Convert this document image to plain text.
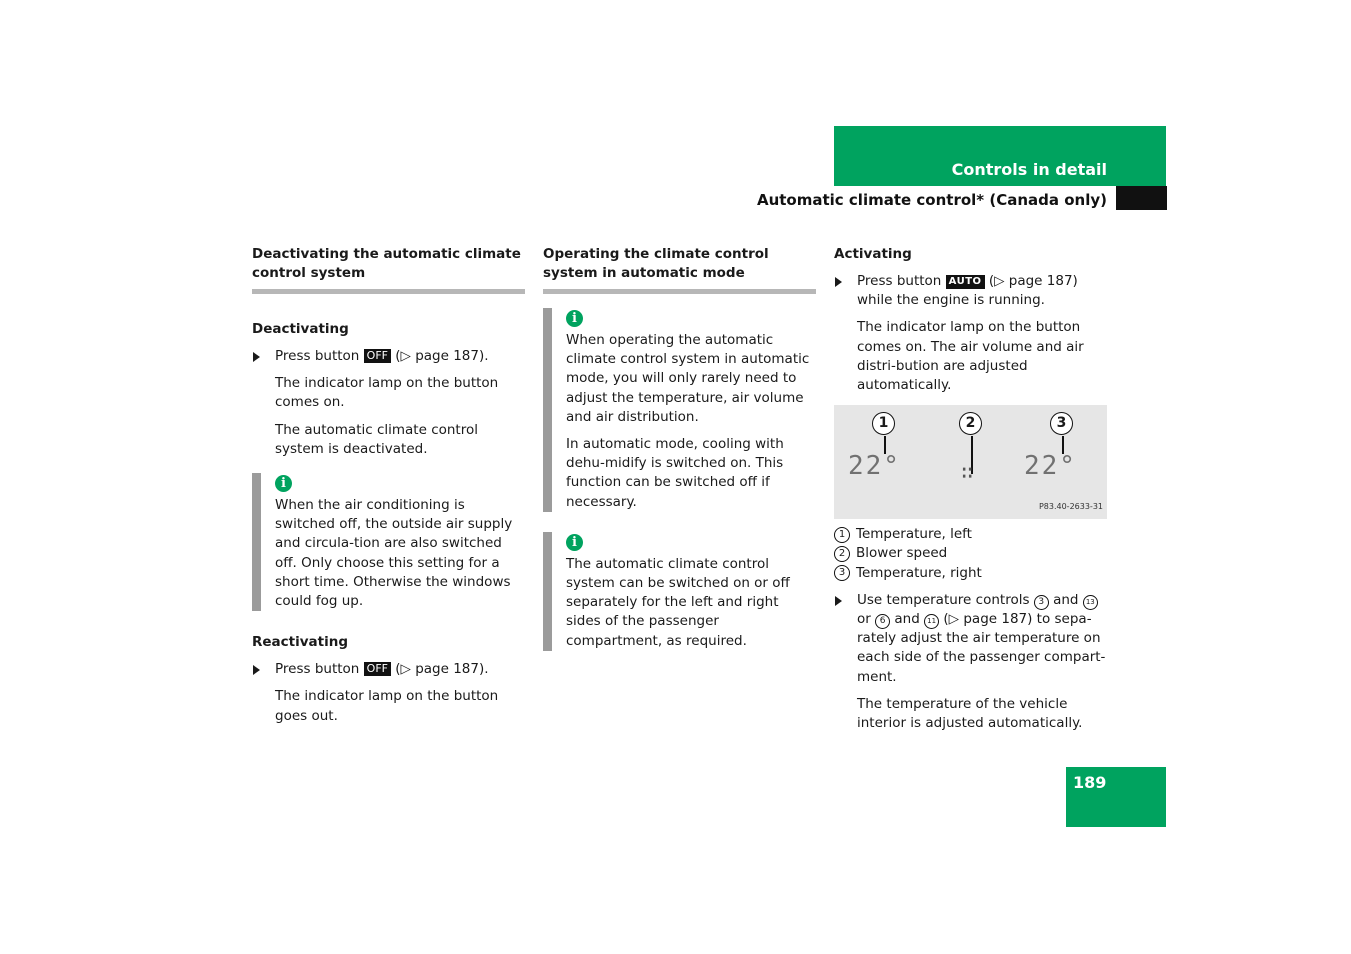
Controls in detail
Automatic climate control* (Canada only)
Deactivating the automatic climate control system
Deactivating
Press button OFF (▷ page 187).
The indicator lamp on the button comes on.
The automatic climate control system is deactivated.
i
When the air conditioning is switched off, the outside air supply and circula-tion are also switched off. Only choose this setting for a short time. Otherwise the windows could fog up.
Reactivating
Press button OFF (▷ page 187).
The indicator lamp on the button goes out.
Operating the climate control system in automatic mode
i
When operating the automatic climate control system in automatic mode, you will only rarely need to adjust the temperature, air volume and air distribution.
In automatic mode, cooling with dehu-midify is switched on. This function can be switched off if necessary.
i
The automatic climate control system can be switched on or off separately for the left and right sides of the passenger compartment, as required.
Activating
Press button AUTO (▷ page 187) while the engine is running.
The indicator lamp on the button comes on. The air volume and air distri-bution are adjusted automatically.
1	2	3
22°	∷ 22°
P83.40-2633-31
1 Temperature, left
2 Blower speed
3 Temperature, right
Use temperature controls 3 and 13 or 6 and 11 (▷ page 187) to sepa-rately adjust the air temperature on each side of the passenger compart-ment.
The temperature of the vehicle interior is adjusted automatically.
189
